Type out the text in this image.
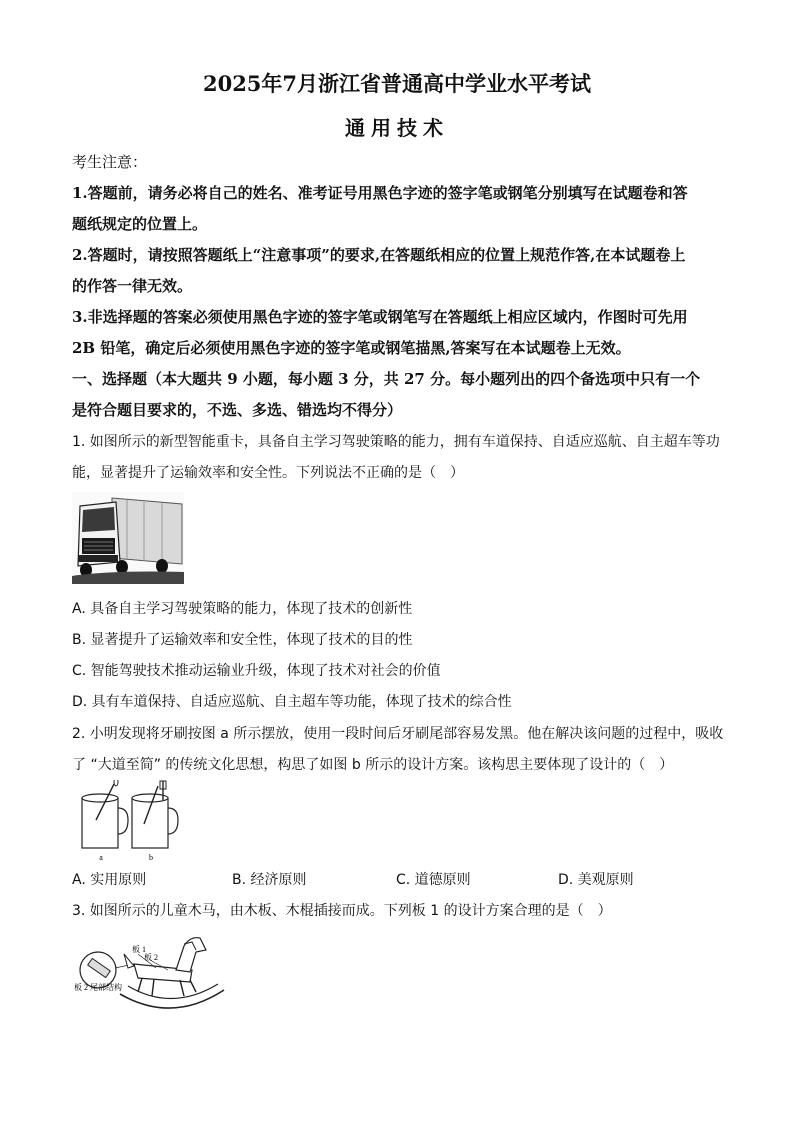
2025年7月浙江省普通高中学业水平考试
通用技术
考生注意：
1.答题前，请务必将自己的姓名、准考证号用黑色字迹的签字笔或钢笔分别填写在试题卷和答
题纸规定的位置上。
2.答题时，请按照答题纸上“注意事项”的要求,在答题纸相应的位置上规范作答,在本试题卷上
的作答一律无效。
3.非选择题的答案必须使用黑色字迹的签字笔或钢笔写在答题纸上相应区域内，作图时可先用
2B 铅笔，确定后必须使用黑色字迹的签字笔或钢笔描黑,答案写在本试题卷上无效。
一、选择题（本大题共 9 小题，每小题 3 分，共 27 分。每小题列出的四个备选项中只有一个
是符合题目要求的，不选、多选、错选均不得分）
1. 如图所示的新型智能重卡，具备自主学习驾驶策略的能力，拥有车道保持、自适应巡航、自主超车等功
能，显著提升了运输效率和安全性。下列说法不正确的是（　）
A. 具备自主学习驾驶策略的能力，体现了技术的创新性
B. 显著提升了运输效率和安全性，体现了技术的目的性
C. 智能驾驶技术推动运输业升级，体现了技术对社会的价值
D. 具有车道保持、自适应巡航、自主超车等功能，体现了技术的综合性
2. 小明发现将牙刷按图 a 所示摆放，使用一段时间后牙刷尾部容易发黑。他在解决该问题的过程中，吸收
了 “大道至简” 的传统文化思想，构思了如图 b 所示的设计方案。该构思主要体现了设计的（　）
a	b
A. 实用原则	B. 经济原则	C. 道德原则	D. 美观原则
3. 如图所示的儿童木马，由木板、木棍插接而成。下列板 1 的设计方案合理的是（　）
板 1
板 2
板 2 尾部结构
